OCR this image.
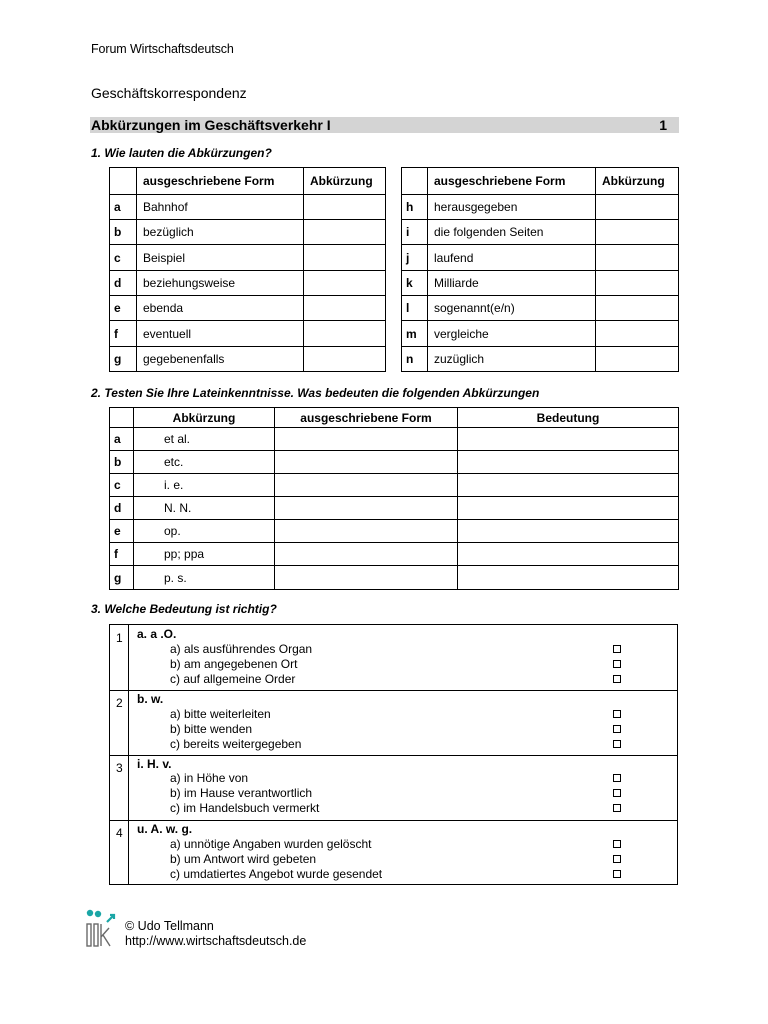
Forum Wirtschaftsdeutsch
Geschäftskorrespondenz
Abkürzungen im Geschäftsverkehr I	1
1. Wie lauten die Abkürzungen?
	ausgeschriebene Form	Abkürzung
a	Bahnhof	
b	bezüglich	
c	Beispiel	
d	beziehungsweise	
e	ebenda	
f	eventuell	
g	gegebenenfalls	
	ausgeschriebene Form	Abkürzung
h	herausgegeben	
i	die folgenden Seiten	
j	laufend	
k	Milliarde	
l	sogenannt(e/n)	
m	vergleiche	
n	zuzüglich	
2. Testen Sie Ihre Lateinkenntnisse. Was bedeuten die folgenden Abkürzungen
	Abkürzung	ausgeschriebene Form	Bedeutung
a	et al.		
b	etc.		
c	i. e.		
d	N. N.		
e	op.		
f	pp; ppa		
g	p. s.		
3. Welche Bedeutung ist richtig?
1 a. a .O.
a) als ausführendes Organ
b) am angegebenen Ort
c) auf allgemeine Order
2 b. w.
a) bitte weiterleiten
b) bitte wenden
c) bereits weitergegeben
3 i. H. v.
a) in Höhe von
b) im Hause verantwortlich
c) im Handelsbuch vermerkt
4 u. A. w. g.
a) unnötige Angaben wurden gelöscht
b) um Antwort wird gebeten
c) umdatiertes Angebot wurde gesendet
© Udo Tellmann
http://www.wirtschaftsdeutsch.de
